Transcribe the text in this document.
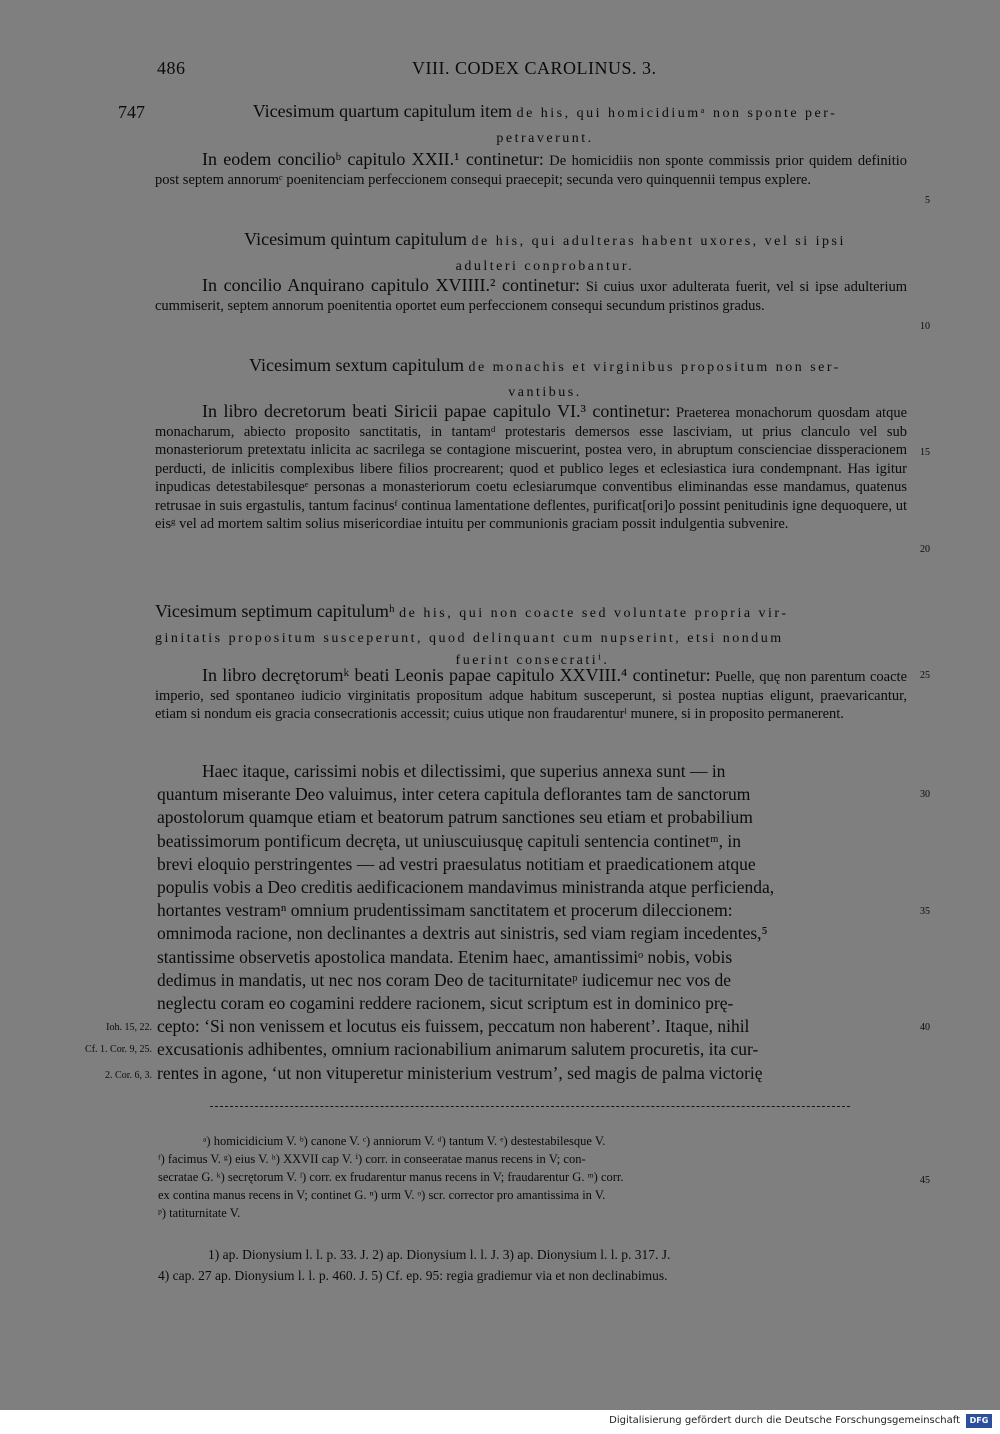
486	VIII. CODEX CAROLINUS. 3.
747	Vicesimum quartum capitulum item de his, qui homicidiumᵃ non sponte per-
petraverunt.
In eodem concilioᵇ capitulo XXII.¹ continetur: De homicidiis non sponte commissis prior quidem definitio post septem annorumᶜ poenitenciam perfeccionem consequi praecepit; secunda vero quinquennii tempus explere.
Vicesimum quintum capitulum de his, qui adulteras habent uxores, vel si ipsi
adulteri conprobantur.
In concilio Anquirano capitulo XVIIII.² continetur: Si cuius uxor adulterata fuerit, vel si ipse adulterium cummiserit, septem annorum poenitentia oportet eum perfeccionem consequi secundum pristinos gradus.
Vicesimum sextum capitulum de monachis et virginibus propositum non ser-
vantibus.
In libro decretorum beati Siricii papae capitulo VI.³ continetur: Praeterea monachorum quosdam atque monacharum, abiecto proposito sanctitatis, in tantamᵈ protestaris demersos esse lasciviam, ut prius clanculo vel sub monasteriorum pretextatu inlicita ac sacrilega se contagione miscuerint, postea vero, in abruptum conscienciae dissperacionem perducti, de inlicitis complexibus libere filios procrearent; quod et publico leges et eclesiastica iura condempnant. Has igitur inpudicas detestabilesqueᵉ personas a monasteriorum coetu eclesiarumque conventibus eliminandas esse mandamus, quatenus retrusae in suis ergastulis, tantum facinusᶠ continua lamentatione deflentes, purificat[ori]o possint penitudinis igne dequoquere, ut eisᵍ vel ad mortem saltim solius misericordiae intuitu per communionis graciam possit indulgentia subvenire.
Vicesimum septimum capitulumʰ de his, qui non coacte sed voluntate propria vir-
ginitatis propositum susceperunt, quod delinquant cum nupserint, etsi nondum

fuerint consecratiⁱ.
In libro decrętorumᵏ beati Leonis papae capitulo XXVIII.⁴ continetur: Puelle, quę non parentum coacte imperio, sed spontaneo iudicio virginitatis propositum adque habitum susceperunt, si postea nuptias eligunt, praevaricantur, etiam si nondum eis gracia consecrationis accessit; cuius utique non fraudarenturˡ munere, si in proposito permanerent.
Haec itaque, carissimi nobis et dilectissimi, que superius annexa sunt — in
quantum miserante Deo valuimus, inter cetera capitula deflorantes tam de sanctorum
apostolorum quamque etiam et beatorum patrum sanctiones seu etiam et probabilium
beatissimorum pontificum decręta, ut uniuscuiusquę capituli sentencia continetᵐ, in
brevi eloquio perstringentes — ad vestri praesulatus notitiam et praedicationem atque
populis vobis a Deo creditis aedificacionem mandavimus ministranda atque perficienda,
hortantes vestramⁿ omnium prudentissimam sanctitatem et procerum dileccionem:
omnimoda racione, non declinantes a dextris aut sinistris, sed viam regiam incedentes,⁵
stantissime observetis apostolica mandata. Etenim haec, amantissimiᵒ nobis, vobis
dedimus in mandatis, ut nec nos coram Deo de taciturnitateᵖ iudicemur nec vos de
neglectu coram eo cogamini reddere racionem, sicut scriptum est in dominico prę-
cepto: ‘Si non venissem et locutus eis fuissem, peccatum non haberent’. Itaque, nihil
excusationis adhibentes, omnium racionabilium animarum salutem procuretis, ita cur-
rentes in agone, ‘ut non vituperetur ministerium vestrum’, sed magis de palma victorię
5
10
15
20
25
30
35
40
45
Ioh. 15, 22.
Cf. 1. Cor. 9, 25.
2. Cor. 6, 3.
ᵃ) homicidicium V. ᵇ) canone V. ᶜ) anniorum V. ᵈ) tantum V. ᵉ) destestabilesque V.
ᶠ) facimus V. ᵍ) eius V. ʰ) XXVII cap V. ⁱ) corr. in conseeratae manus recens in V; con-
secratae G. ᵏ) secrętorum V. ˡ) corr. ex frudarentur manus recens in V; fraudarentur G. ᵐ) corr.
ex contina manus recens in V; continet G. ⁿ) urm V. ᵒ) scr. corrector pro amantissima in V.
ᵖ) tatiturnitate V.
1) ap. Dionysium l. l. p. 33. J. 2) ap. Dionysium l. l. J. 3) ap. Dionysium l. l. p. 317. J.
4) cap. 27 ap. Dionysium l. l. p. 460. J. 5) Cf. ep. 95: regia gradiemur via et non declinabimus.
Digitalisierung gefördert durch die Deutsche Forschungsgemeinschaft	DFG
